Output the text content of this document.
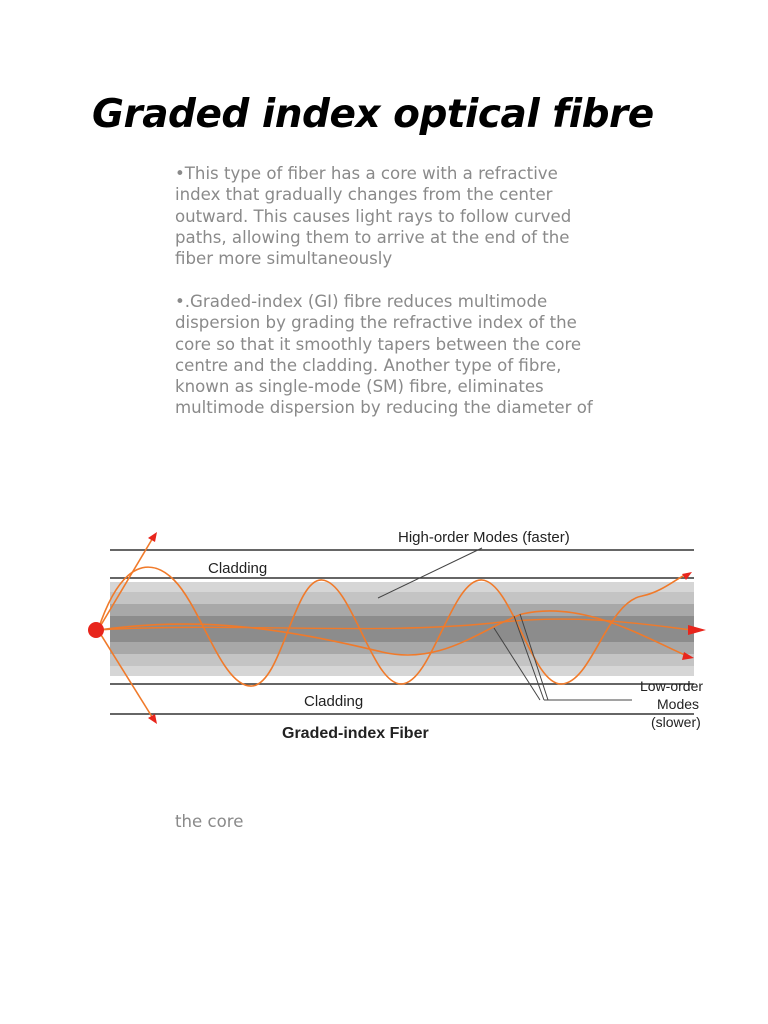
Graded index optical fibre
•This type of fiber has a core with a refractive
index that gradually changes from the center
outward. This causes light rays to follow curved
paths, allowing them to arrive at the end of the
fiber more simultaneously
•.Graded-index (GI) fibre reduces multimode
dispersion by grading the refractive index of the
core so that it smoothly tapers between the core
centre and the cladding. Another type of fibre,
known as single-mode (SM) fibre, eliminates
multimode dispersion by reducing the diameter of
High-order Modes (faster)
Cladding
Cladding
Graded-index Fiber
Low-order
Modes
(slower)
the core
